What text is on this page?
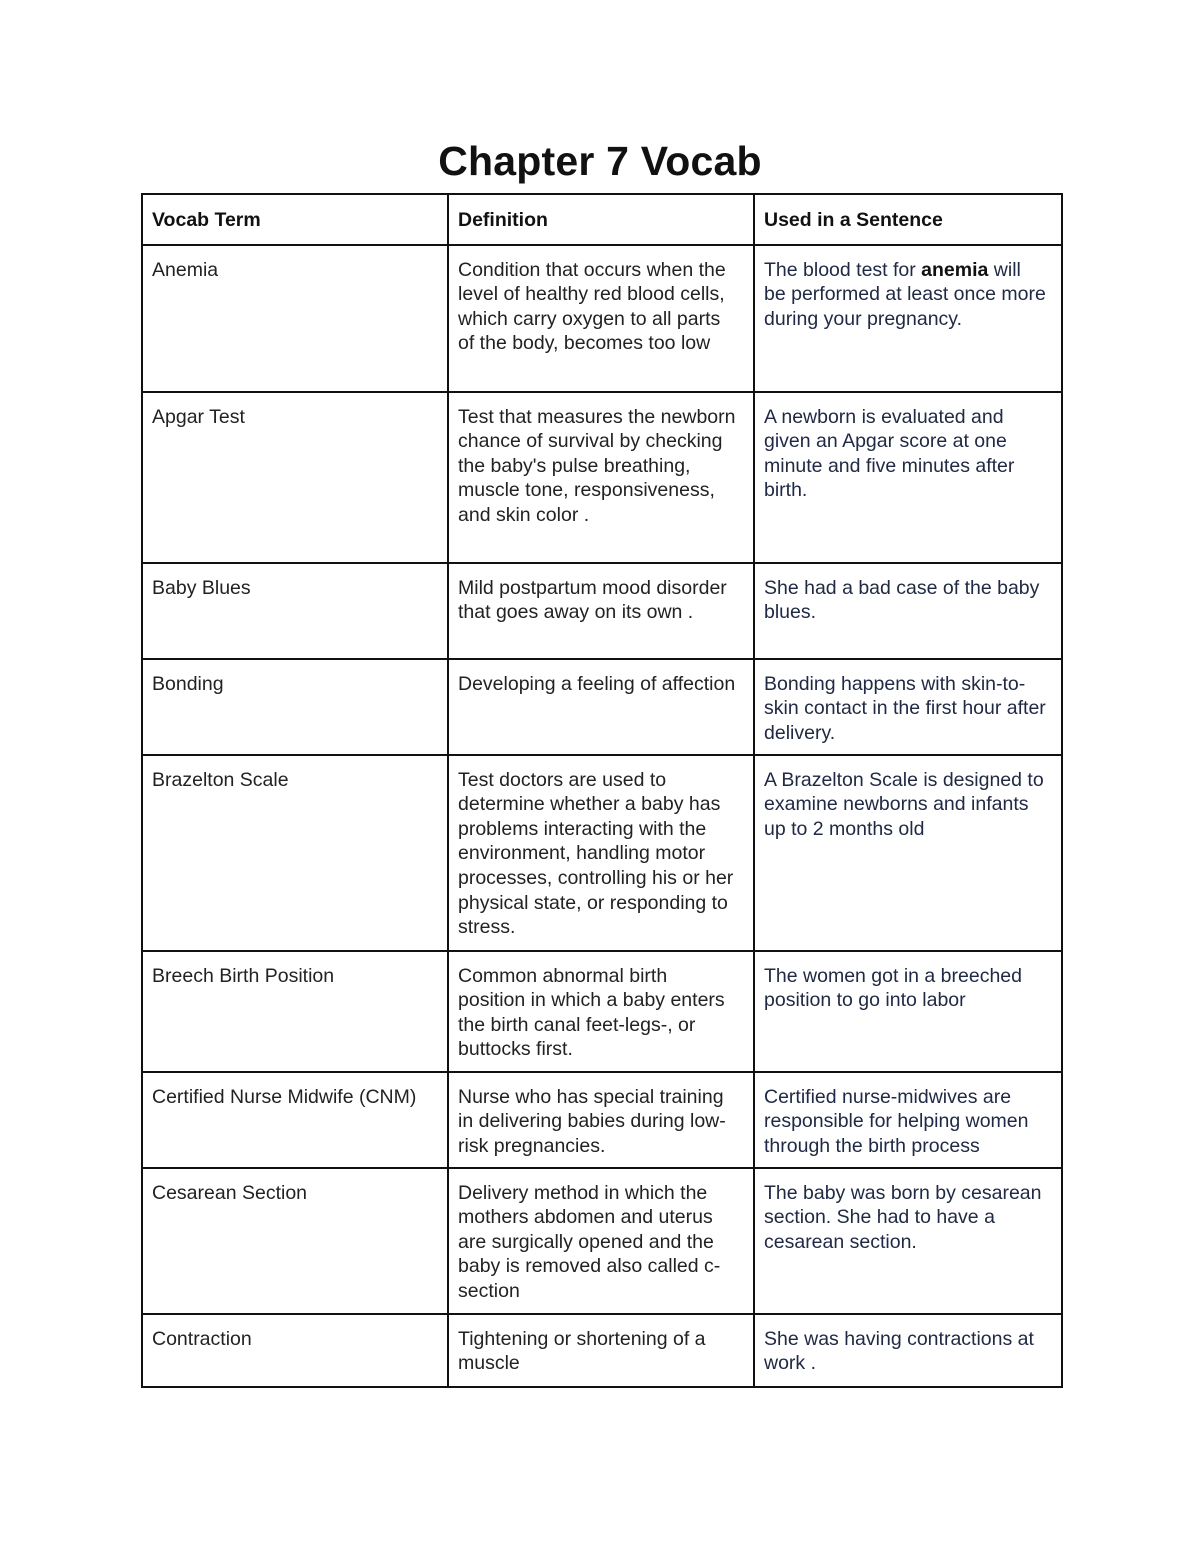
Chapter 7 Vocab
Vocab Term	Definition	Used in a Sentence
Anemia	Condition that occurs when the level of healthy red blood cells, which carry oxygen to all parts of the body, becomes too low	The blood test for anemia will be performed at least once more during your pregnancy.
Apgar Test	Test that measures the newborn chance of survival by checking the baby's pulse breathing, muscle tone, responsiveness, and skin color .	A newborn is evaluated and given an Apgar score at one minute and five minutes after birth.
Baby Blues	Mild postpartum mood disorder that goes away on its own .	She had a bad case of the baby blues.
Bonding	Developing a feeling of affection	Bonding happens with skin-to-skin contact in the first hour after delivery.
Brazelton Scale	Test doctors are used to determine whether a baby has problems interacting with the environment, handling motor processes, controlling his or her physical state, or responding to stress.	A Brazelton Scale is designed to examine newborns and infants up to 2 months old
Breech Birth Position	Common abnormal birth position in which a baby enters the birth canal feet-legs-, or buttocks first.	The women got in a breeched position to go into labor
Certified Nurse Midwife (CNM)	Nurse who has special training in delivering babies during low-risk pregnancies.	Certified nurse-midwives are responsible for helping women through the birth process
Cesarean Section	Delivery method in which the mothers abdomen and uterus are surgically opened and the baby is removed also called c-section	The baby was born by cesarean section. She had to have a cesarean section.
Contraction	Tightening or shortening of a muscle	She was having contractions at work .
